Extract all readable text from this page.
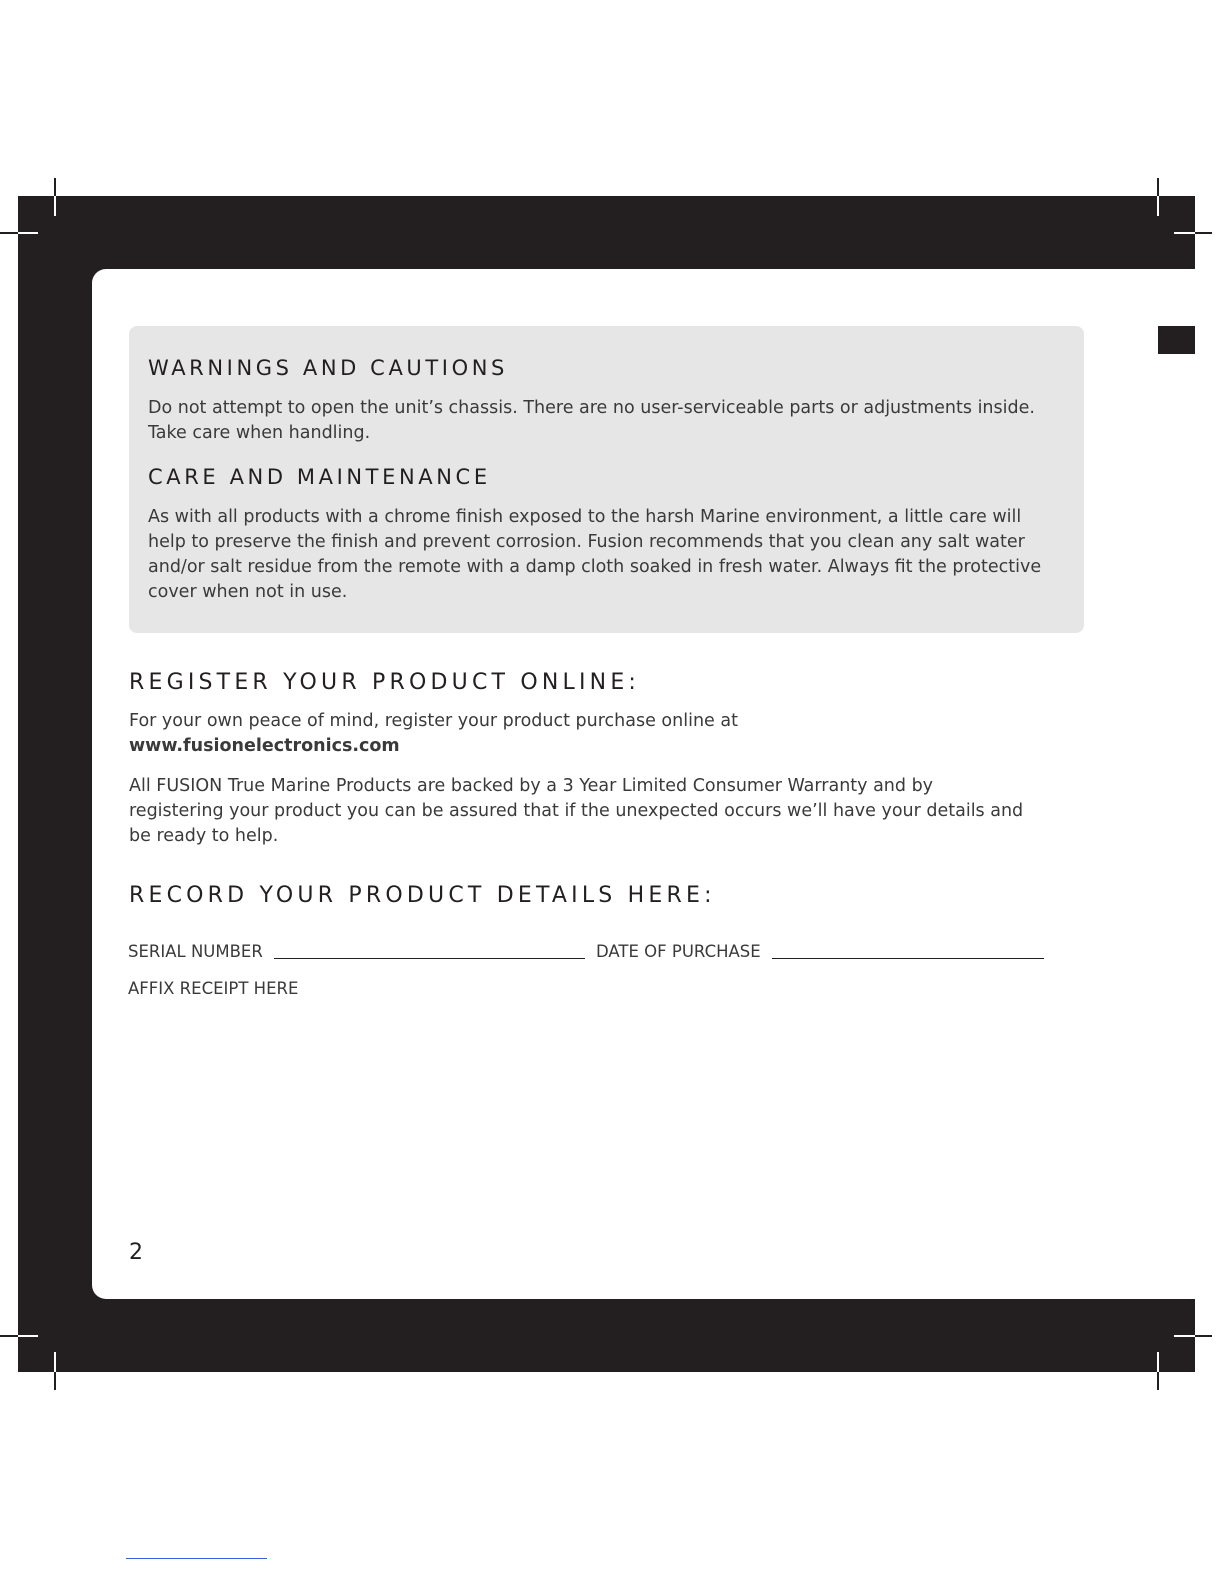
WARNINGS AND CAUTIONS

Do not attempt to open the unit’s chassis. There are no user-serviceable parts or adjustments inside. Take care when handling.

CARE AND MAINTENANCE

As with all products with a chrome finish exposed to the harsh Marine environment, a little care will help to preserve the finish and prevent corrosion. Fusion recommends that you clean any salt water and/or salt residue from the remote with a damp cloth soaked in fresh water. Always fit the protective cover when not in use.

REGISTER YOUR PRODUCT ONLINE:

For your own peace of mind, register your product purchase online at
www.fusionelectronics.com

All FUSION True Marine Products are backed by a 3 Year Limited Consumer Warranty and by registering your product you can be assured that if the unexpected occurs we’ll have your details and be ready to help.

RECORD YOUR PRODUCT DETAILS HERE:
SERIAL NUMBER	DATE OF PURCHASE
AFFIX RECEIPT HERE
2
